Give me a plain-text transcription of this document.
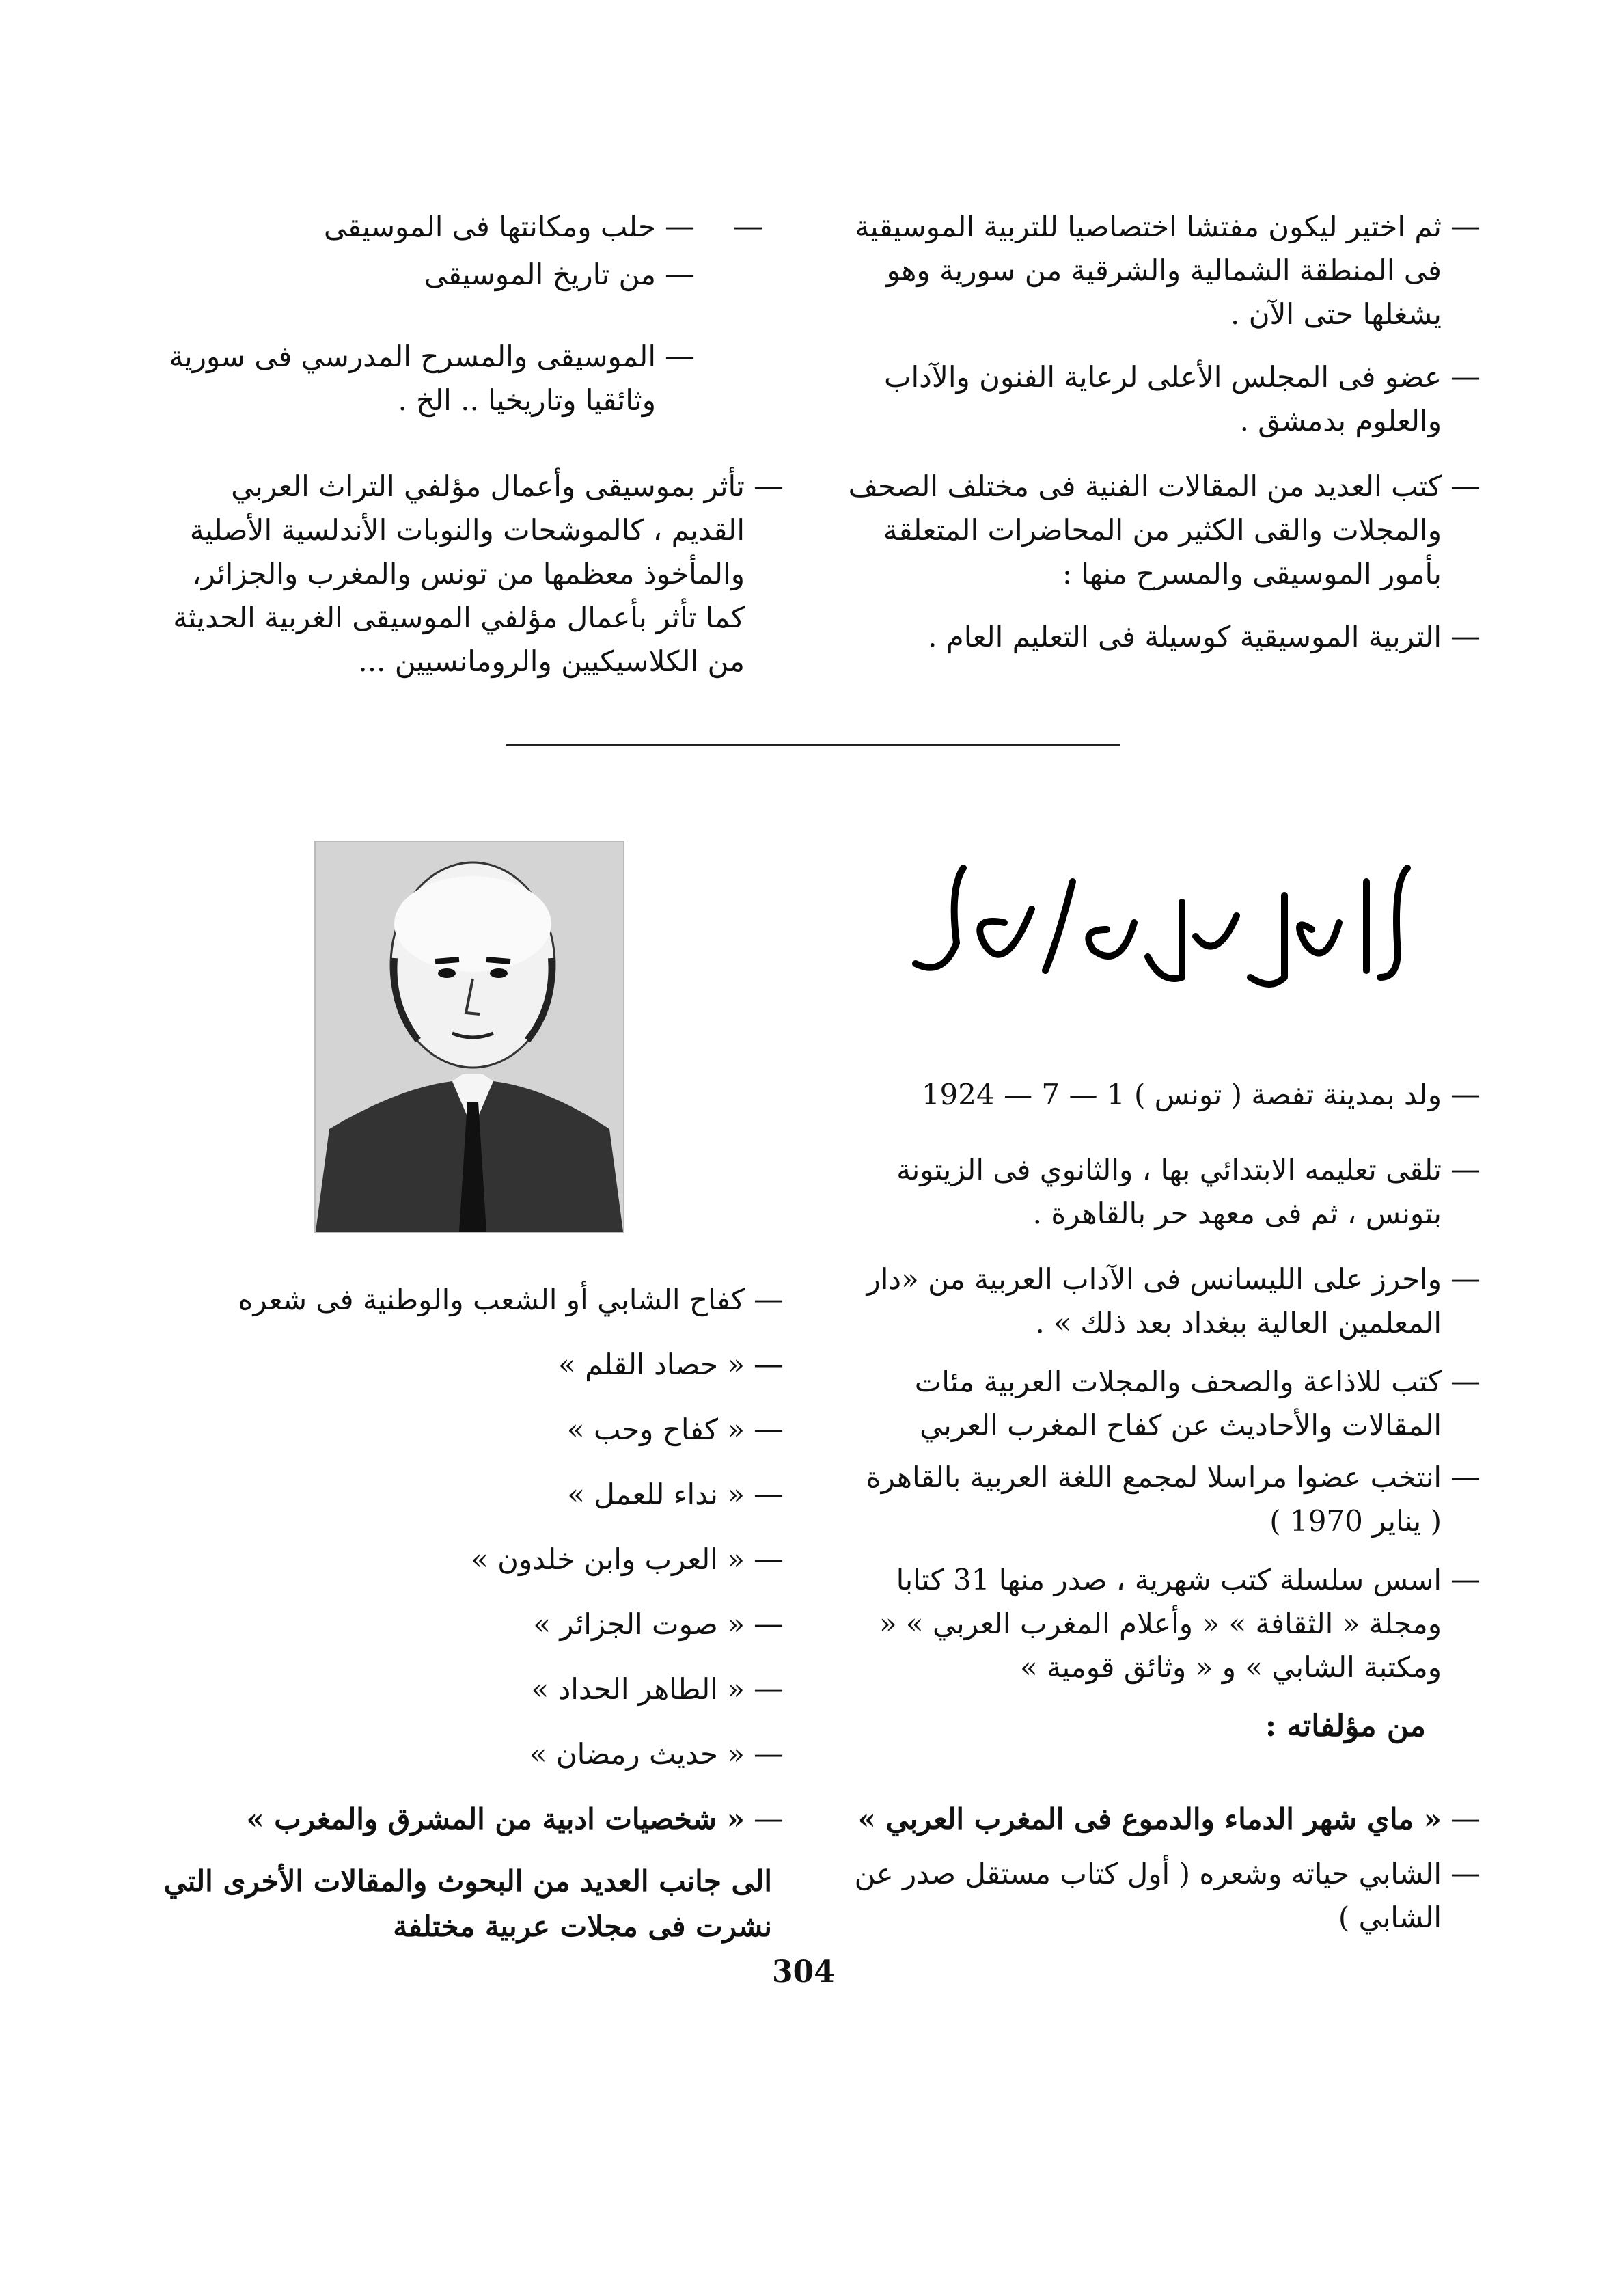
—
ثم اختير ليكون مفتشا اختصاصيا للتربية الموسيقية فى المنطقة الشمالية والشرقية من سورية وهو يشغلها حتى الآن .
—
عضو فى المجلس الأعلى لرعاية الفنون والآداب والعلوم بدمشق .
—
كتب العديد من المقالات الفنية فى مختلف الصحف والمجلات والقى الكثير من المحاضرات المتعلقة بأمور الموسيقى والمسرح منها :
—
التربية الموسيقية كوسيلة فى التعليم العام .
—
—
حلب ومكانتها فى الموسيقى
—
من تاريخ الموسيقى
—
الموسيقى والمسرح المدرسي فى سورية وثائقيا وتاريخيا .. الخ .
—
تأثر بموسيقى وأعمال مؤلفي التراث العربي القديم ، كالموشحات والنوبات الأندلسية الأصلية والمأخوذ معظمها من تونس والمغرب والجزائر، كما تأثر بأعمال مؤلفي الموسيقى الغربية الحديثة من الكلاسيكيين والرومانسيين ...
أبو القاسم محمد كرو
—
ولد بمدينة تفصة ( تونس ) 1 — 7 — 1924
—
تلقى تعليمه الابتدائي بها ، والثانوي فى الزيتونة بتونس ، ثم فى معهد حر بالقاهرة .
—
واحرز على الليسانس فى الآداب العربية من «دار المعلمين العالية ببغداد بعد ذلك » .
—
كتب للاذاعة والصحف والمجلات العربية مئات المقالات والأحاديث عن كفاح المغرب العربي
—
انتخب عضوا مراسلا لمجمع اللغة العربية بالقاهرة ( يناير 1970 )
—
اسس سلسلة كتب شهرية ، صدر منها 31 كتابا ومجلة « الثقافة » « وأعلام المغرب العربي » « ومكتبة الشابي » و « وثائق قومية »
من مؤلفاته :
—
« ماي شهر الدماء والدموع فى المغرب العربي »
—
الشابي حياته وشعره ( أول كتاب مستقل صدر عن الشابي )
—
كفاح الشابي أو الشعب والوطنية فى شعره
—
« حصاد القلم »
—
« كفاح وحب »
—
« نداء للعمل »
—
« العرب وابن خلدون »
—
« صوت الجزائر »
—
« الطاهر الحداد »
—
« حديث رمضان »
—
« شخصيات ادبية من المشرق والمغرب »
الى جانب العديد من البحوث والمقالات الأخرى التي نشرت فى مجلات عربية مختلفة
304
